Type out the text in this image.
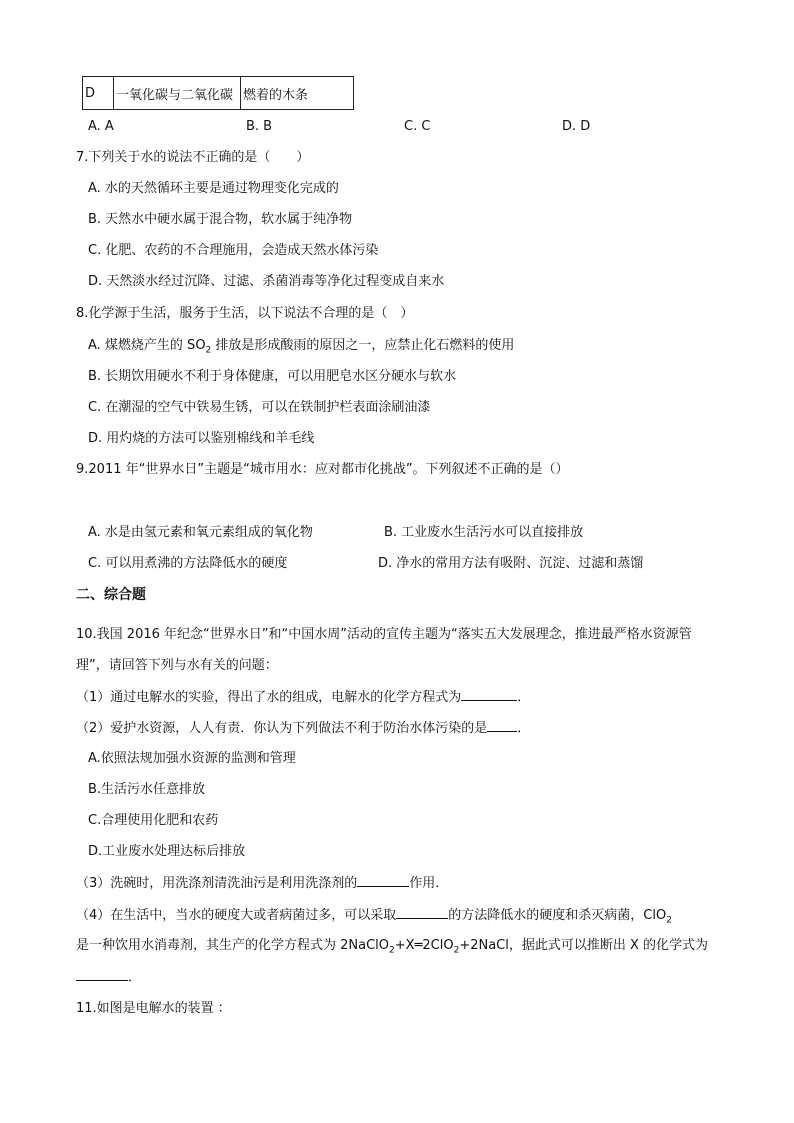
D	一氧化碳与二氧化碳	燃着的木条
A. A	B. B	C. C	D. D
7.下列关于水的说法不正确的是（　　）
A. 水的天然循环主要是通过物理变化完成的
B. 天然水中硬水属于混合物，软水属于纯净物
C. 化肥、农药的不合理施用，会造成天然水体污染
D. 天然淡水经过沉降、过滤、杀菌消毒等净化过程变成自来水
8.化学源于生活，服务于生活，以下说法不合理的是（　）
A. 煤燃烧产生的 $SO_2$ 排放是形成酸雨的原因之一，应禁止化石燃料的使用
B. 长期饮用硬水不利于身体健康，可以用肥皂水区分硬水与软水
C. 在潮湿的空气中铁易生锈，可以在铁制护栏表面涂刷油漆
D. 用灼烧的方法可以鉴别棉线和羊毛线
9.2011 年“世界水日”主题是“城市用水：应对都市化挑战”。下列叙述不正确的是（）
A. 水是由氢元素和氧元素组成的氧化物	B. 工业废水生活污水可以直接排放
C. 可以用煮沸的方法降低水的硬度	D. 净水的常用方法有吸附、沉淀、过滤和蒸馏
二、综合题
10.我国 2016 年纪念“世界水日”和“中国水周”活动的宣传主题为“落实五大发展理念，推进最严格水资源管
理”，请回答下列与水有关的问题：
（1）通过电解水的实验，得出了水的组成，电解水的化学方程式为	．
（2）爱护水资源，人人有责．你认为下列做法不利于防治水体污染的是 ．
A.依照法规加强水资源的监测和管理
B.生活污水任意排放
C.合理使用化肥和农药
D.工业废水处理达标后排放
（3）洗碗时，用洗涤剂清洗油污是利用洗涤剂的	作用．
（4）在生活中，当水的硬度大或者病菌过多，可以采取	的方法降低水的硬度和杀灭病菌，ClO$_2$
是一种饮用水消毒剂，其生产的化学方程式为 2NaClO$_2$+X═2ClO$_2$+2NaCl，据此式可以推断出 X 的化学式为
．
11.如图是电解水的装置 ：
